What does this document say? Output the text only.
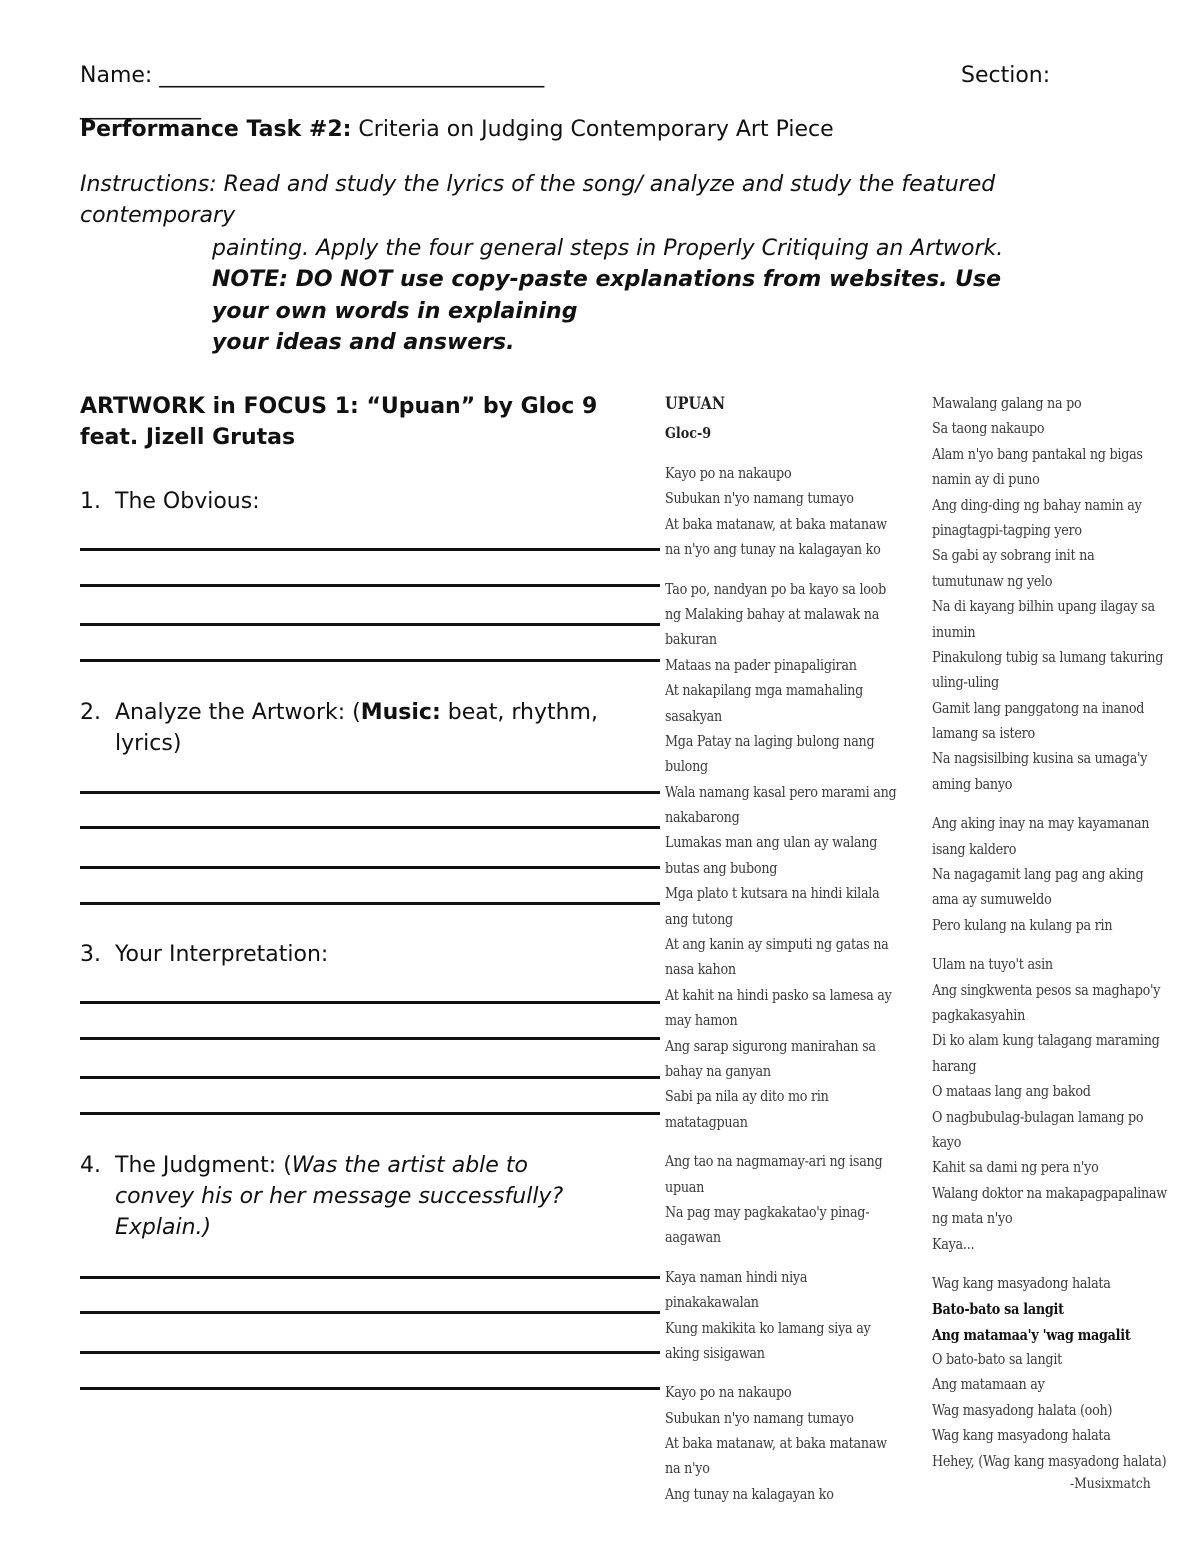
Name: ___________________________________	Section:
___________
Performance Task #2: Criteria on Judging Contemporary Art Piece
Instructions: Read and study the lyrics of the song/ analyze and study the featured
contemporary
painting. Apply the four general steps in Properly Critiquing an Artwork.
NOTE: DO NOT use copy-paste explanations from websites. Use
your own words in explaining
your ideas and answers.
ARTWORK in FOCUS 1: “Upuan” by Gloc 9
feat. Jizell Grutas
1. The Obvious:
2. Analyze the Artwork: (Music: beat, rhythm,
lyrics)
3. Your Interpretation:
4. The Judgment: (Was the artist able to
convey his or her message successfully?
Explain.)
UPUAN
Gloc-9
Kayo po na nakaupo
Subukan n'yo namang tumayo
At baka matanaw, at baka matanaw
na n'yo ang tunay na kalagayan ko
Tao po, nandyan po ba kayo sa loob
ng Malaking bahay at malawak na
bakuran
Mataas na pader pinapaligiran
At nakapilang mga mamahaling
sasakyan
Mga Patay na laging bulong nang
bulong
Wala namang kasal pero marami ang
nakabarong
Lumakas man ang ulan ay walang
butas ang bubong
Mga plato t kutsara na hindi kilala
ang tutong
At ang kanin ay simputi ng gatas na
nasa kahon
At kahit na hindi pasko sa lamesa ay
may hamon
Ang sarap sigurong manirahan sa
bahay na ganyan
Sabi pa nila ay dito mo rin
matatagpuan
Ang tao na nagmamay-ari ng isang
upuan
Na pag may pagkakatao'y pinag-
aagawan
Kaya naman hindi niya
pinakakawalan
Kung makikita ko lamang siya ay
aking sisigawan
Kayo po na nakaupo
Subukan n'yo namang tumayo
At baka matanaw, at baka matanaw
na n'yo
Ang tunay na kalagayan ko
Mawalang galang na po
Sa taong nakaupo
Alam n'yo bang pantakal ng bigas
namin ay di puno
Ang ding-ding ng bahay namin ay
pinagtagpi-tagping yero
Sa gabi ay sobrang init na
tumutunaw ng yelo
Na di kayang bilhin upang ilagay sa
inumin
Pinakulong tubig sa lumang takuring
uling-uling
Gamit lang panggatong na inanod
lamang sa istero
Na nagsisilbing kusina sa umaga'y
aming banyo
Ang aking inay na may kayamanan
isang kaldero
Na nagagamit lang pag ang aking
ama ay sumuweldo
Pero kulang na kulang pa rin
Ulam na tuyo't asin
Ang singkwenta pesos sa maghapo'y
pagkakasyahin
Di ko alam kung talagang maraming
harang
O mataas lang ang bakod
O nagbubulag-bulagan lamang po
kayo
Kahit sa dami ng pera n'yo
Walang doktor na makapagpapalinaw
ng mata n'yo
Kaya...
Wag kang masyadong halata
Bato-bato sa langit
Ang matamaa'y 'wag magalit
O bato-bato sa langit
Ang matamaan ay
Wag masyadong halata (ooh)
Wag kang masyadong halata
Hehey, (Wag kang masyadong halata)
-Musixmatch
